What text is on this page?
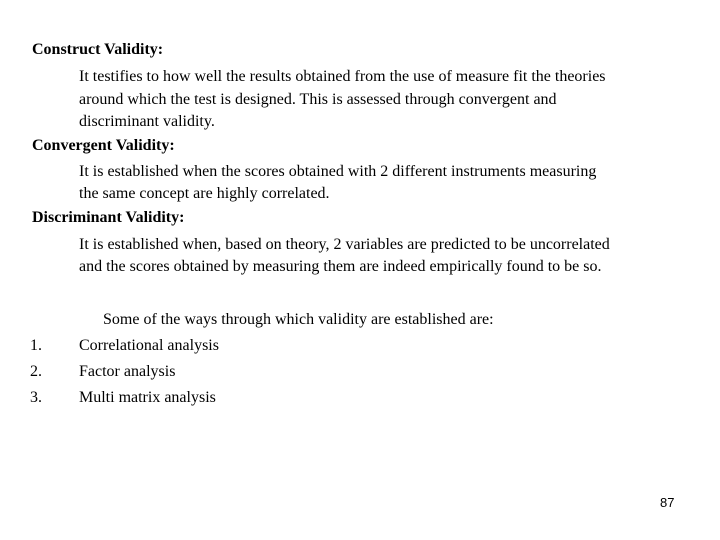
Construct Validity:
It testifies to how well the results obtained from the use of measure fit the theories
around which the test is designed. This is assessed through convergent and
discriminant validity.
Convergent Validity:
It is established when the scores obtained with 2 different instruments measuring
the same concept are highly correlated.
Discriminant Validity:
It is established when, based on theory, 2 variables are predicted to be uncorrelated
and the scores obtained by measuring them are indeed empirically found to be so.
Some of the ways through which validity are established are:
1. Correlational analysis
2. Factor analysis
3. Multi matrix analysis
87
